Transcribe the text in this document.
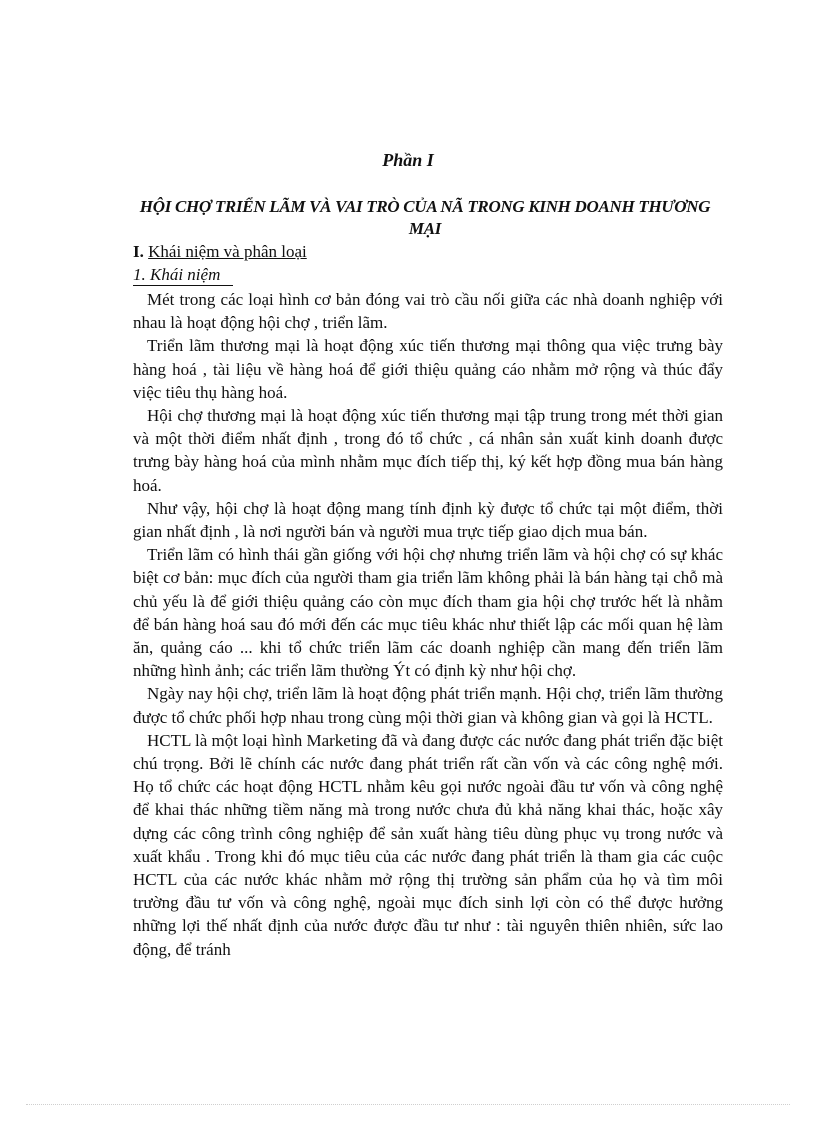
Phần I
HỘI CHỢ TRIỂN LÃM VÀ VAI TRÒ CỦA NÃ TRONG KINH DOANH THƯƠNG MẠI
I. Khái niệm và phân loại
1. Khái niệm

Mét trong các loại hình cơ bản đóng vai trò cầu nối giữa các nhà doanh nghiệp với nhau là hoạt động hội chợ , triển lãm.

Triển lãm thương mại là hoạt động xúc tiến thương mại thông qua việc trưng bày hàng hoá , tài liệu về hàng hoá để giới thiệu quảng cáo nhằm mở rộng và thúc đẩy việc tiêu thụ hàng hoá.

Hội chợ thương mại là hoạt động xúc tiến thương mại tập trung trong mét thời gian và một thời điểm nhất định , trong đó tổ chức , cá nhân sản xuất kinh doanh được trưng bày hàng hoá của mình nhằm mục đích tiếp thị, ký kết hợp đồng mua bán hàng hoá.

Như vậy, hội chợ là hoạt động mang tính định kỳ được tổ chức tại một điểm, thời gian nhất định , là nơi người bán và người mua trực tiếp giao dịch mua bán.

Triển lãm có hình thái gần giống với hội chợ nhưng triển lãm và hội chợ có sự khác biệt cơ bản: mục đích của người tham gia triển lãm không phải là bán hàng tại chỗ mà chủ yếu là để giới thiệu quảng cáo còn mục đích tham gia hội chợ trước hết là nhằm để bán hàng hoá sau đó mới đến các mục tiêu khác như thiết lập các mối quan hệ làm ăn, quảng cáo ... khi tổ chức triển lãm các doanh nghiệp cần mang đến triển lãm những hình ảnh; các triển lãm thường Ýt có định kỳ như hội chợ.

Ngày nay hội chợ, triển lãm là hoạt động phát triển mạnh. Hội chợ, triển lãm thường được tổ chức phối hợp nhau trong cùng mội thời gian và không gian và gọi là HCTL.

HCTL là một loại hình Marketing đã và đang được các nước đang phát triển đặc biệt chú trọng. Bởi lẽ chính các nước đang phát triển rất cần vốn và các công nghệ mới. Họ tổ chức các hoạt động HCTL nhằm kêu gọi nước ngoài đầu tư vốn và công nghệ để khai thác những tiềm năng mà trong nước chưa đủ khả năng khai thác, hoặc xây dựng các công trình công nghiệp để sản xuất hàng tiêu dùng phục vụ trong nước và xuất khẩu . Trong khi đó mục tiêu của các nước đang phát triển là tham gia các cuộc HCTL của các nước khác nhằm mở rộng thị trường sản phẩm của họ và tìm môi trường đầu tư vốn và công nghệ, ngoài mục đích sinh lợi còn có thể được hưởng những lợi thế nhất định của nước được đầu tư như : tài nguyên thiên nhiên, sức lao động, để tránh
